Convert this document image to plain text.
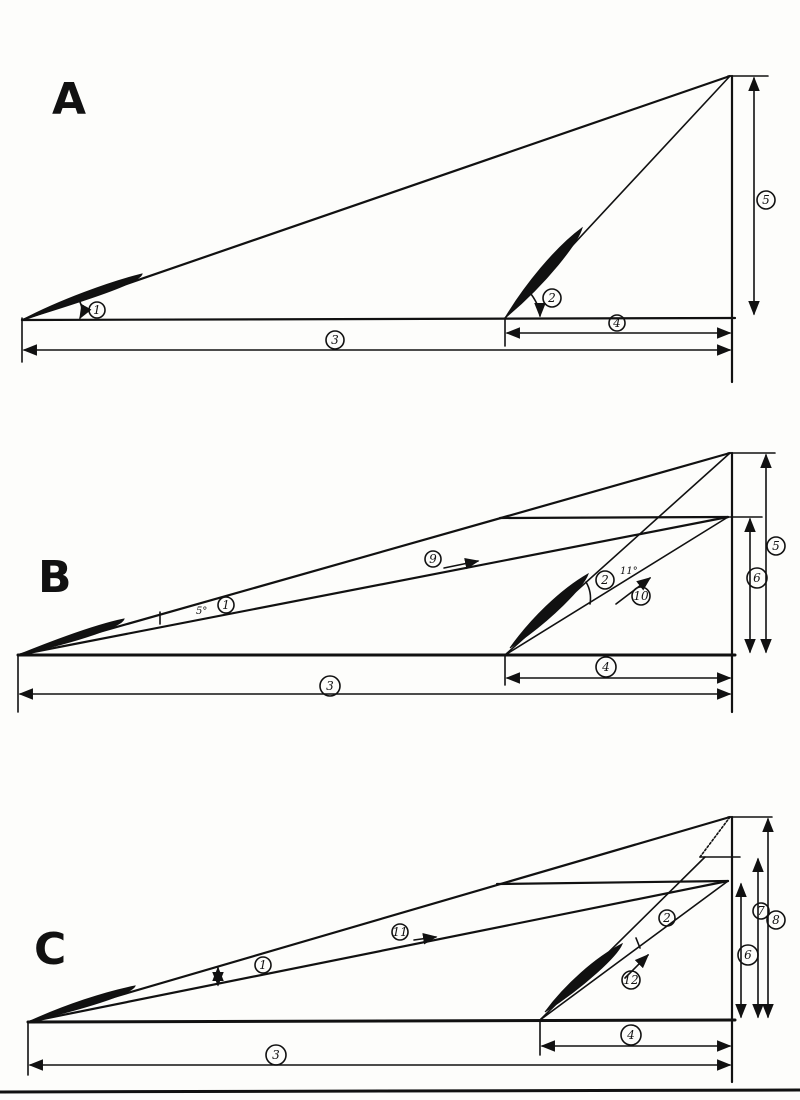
A
1
2
3
4
5
B
5° 1
9
2
11°
10
3
4
6
5
C	1
11
2
12
3
4
6
7
8
